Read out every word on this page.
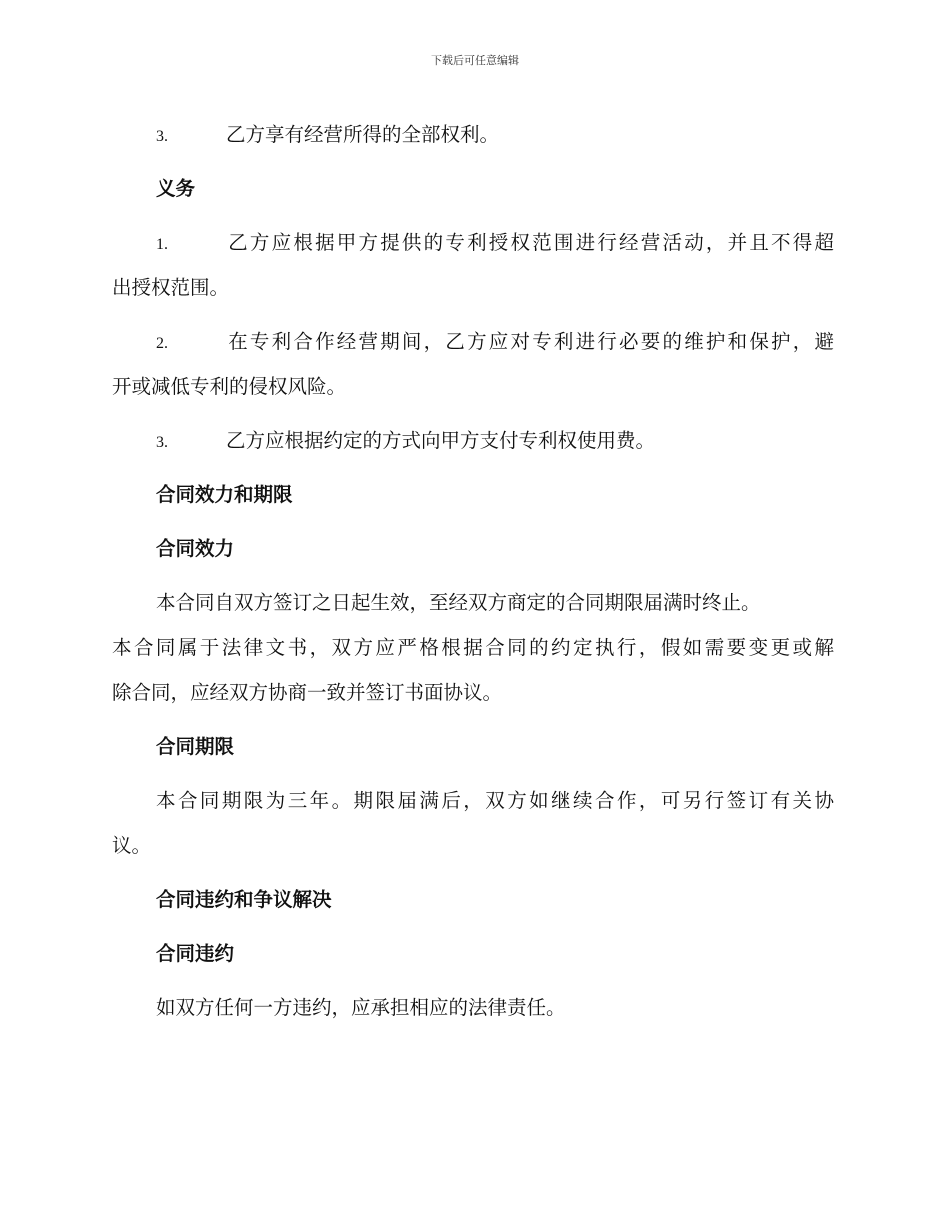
下载后可任意编辑
3.	乙方享有经营所得的全部权利。
义务
1.	乙方应根据甲方提供的专利授权范围进行经营活动，并且不得超
出授权范围。
2.	在专利合作经营期间，乙方应对专利进行必要的维护和保护，避
开或减低专利的侵权风险。
3.	乙方应根据约定的方式向甲方支付专利权使用费。
合同效力和期限
合同效力
本合同自双方签订之日起生效，至经双方商定的合同期限届满时终止。
本合同属于法律文书，双方应严格根据合同的约定执行，假如需要变更或解
除合同，应经双方协商一致并签订书面协议。
合同期限
本合同期限为三年。期限届满后，双方如继续合作，可另行签订有关协
议。
合同违约和争议解决
合同违约
如双方任何一方违约，应承担相应的法律责任。
